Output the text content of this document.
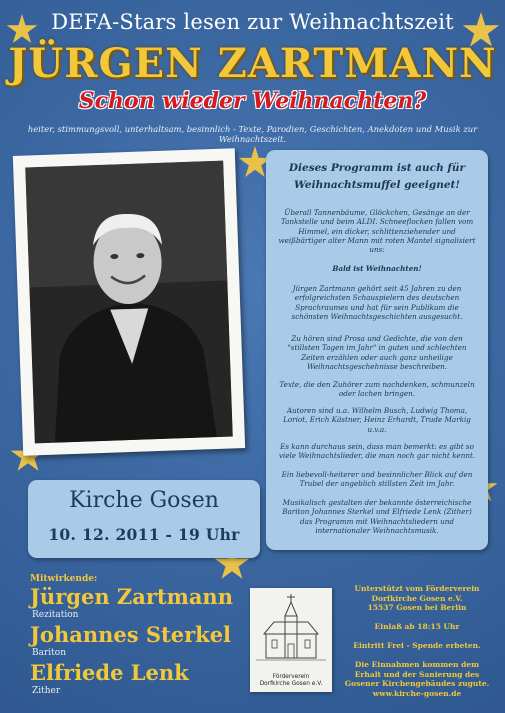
DEFA-Stars lesen zur Weihnachtszeit
JÜRGEN ZARTMANN
Schon wieder Weihnachten?
heiter, stimmungsvoll, unterhaltsam, besinnlich - Texte, Parodien, Geschichten, Anekdoten und Musik zur Weihnachtszeit.
Dieses Programm ist auch für
Weihnachtsmuffel geeignet!
Überall Tannenbäume, Glöckchen, Gesänge an der Tankstelle und beim ALDI. Schneeflocken fallen vom Himmel, ein dicker, schlittenziehender und weißbärtiger alter Mann mit roten Mantel signalisiert uns:
Bald ist Weihnachten!
Jürgen Zartmann gehört seit 45 Jahren zu den erfolgreichsten Schauspielern des deutschen Sprachraumes und hat für sein Publikum die schönsten Weihnachtsgeschichten ausgesucht.
Zu hören sind Prosa und Gedichte, die von den "stillsten Tagen im Jahr" in guten und schlechten Zeiten erzählen oder auch ganz unheilige Weihnachtsgeschehnisse beschreiben.
Texte, die den Zuhörer zum nachdenken, schmunzeln oder lachen bringen.
Autoren sind u.a. Wilhelm Busch, Ludwig Thoma, Loriot, Erich Kästner, Heinz Erhardt, Trude Markig u.v.a.
Es kann durchaus sein, dass man bemerkt: es gibt so viele Weihnachtslieder, die man noch gar nicht kennt.
Ein liebevoll-heiterer und besinnlicher Blick auf den Trubel der angeblich stillsten Zeit im Jahr.
Musikalisch gestalten der bekannte österreichische Bariton Johannes Sterkel und Elfriede Lenk (Zither) das Programm mit Weihnachtsliedern und internationaler Weihnachtsmusik.
Kirche Gosen
10. 12. 2011 - 19 Uhr
Mitwirkende:
Jürgen Zartmann
Rezitation
Johannes Sterkel
Bariton
Elfriede Lenk
Zither
Förderverein
Dorfkirche Gosen e.V.
Unterstützt vom Förderverein
Dorfkirche Gosen e.V.
15537 Gosen bei Berlin
Einlaß ab 18:15 Uhr
Eintritt Frei - Spende erbeten.
Die Einnahmen kommen dem
Erhalt und der Sanierung des
Gosener Kirchengebäudes zugute.
www.kirche-gosen.de
